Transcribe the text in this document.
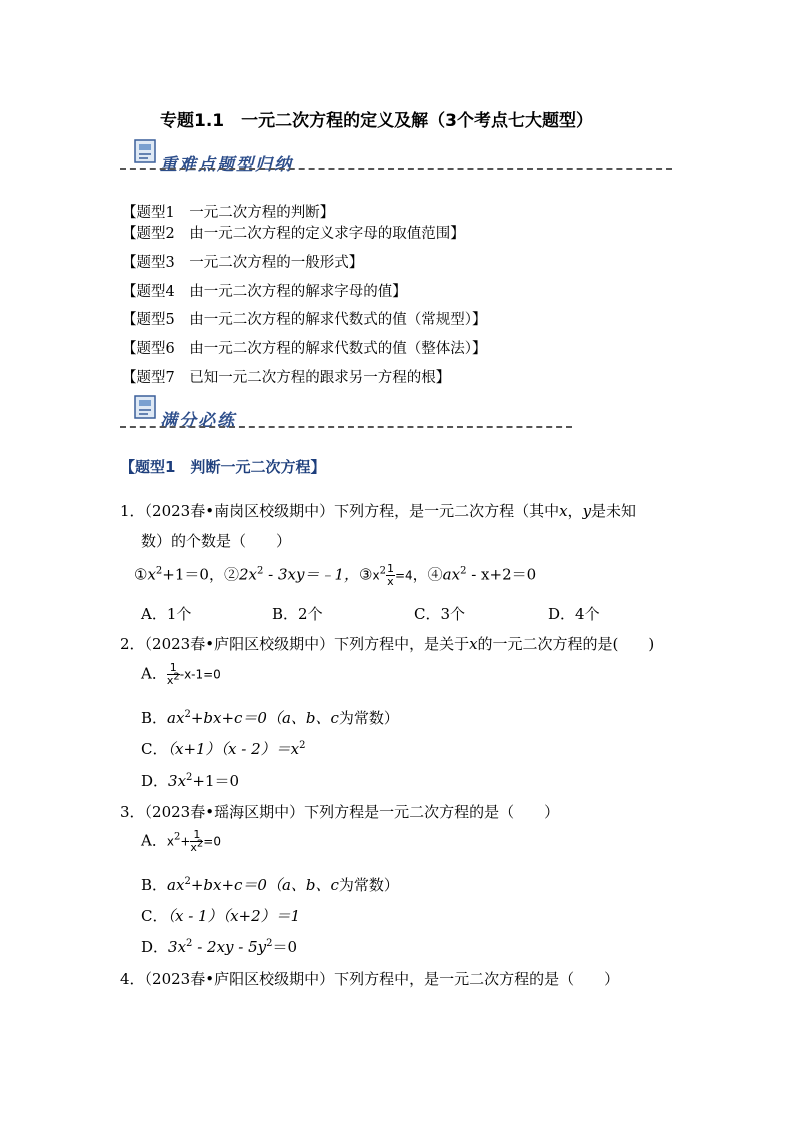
专题1.1　一元二次方程的定义及解（3个考点七大题型）
重难点题型归纳
【题型1　一元二次方程的判断】
【题型2　由一元二次方程的定义求字母的取值范围】
【题型3　一元二次方程的一般形式】
【题型4　由一元二次方程的解求字母的值】
【题型5　由一元二次方程的解求代数式的值（常规型）】
【题型6　由一元二次方程的解求代数式的值（整体法）】
【题型7　已知一元二次方程的跟求另一方程的根】
满分必练
【题型1　判断一元二次方程】
1．（2023春•南岗区校级期中）下列方程，是一元二次方程（其中x，y是未知
数）的个数是（　　）
$①x^2+1=0$，$②2x^2$ - 3xy＝﹣1，$③x^2 \frac{1}{x} =4$，$④ax^2 - x+2=0$
A．1个	B．2个	C．3个	D．4个
2．（2023春•庐阳区校级期中）下列方程中，是关于x的一元二次方程的是(　　)
A． $\frac{1}{x^2} -x-1=0$
B．$ax^2+bx+c=0(a$、b、c为常数）
C．$(x+1)(x - 2)=x^2$
D．$3x^2+1=0$
3．（2023春•瑶海区期中）下列方程是一元二次方程的是（　　）
A．$x^2+ \frac{1}{x^2} =0$
B．$ax^2+bx+c=0(a$、b、c为常数）
C．（x - 1）（x+2）＝1
D．$3x^2 - 2xy - 5y^2=0$
4．（2023春•庐阳区校级期中）下列方程中，是一元二次方程的是（　　）
